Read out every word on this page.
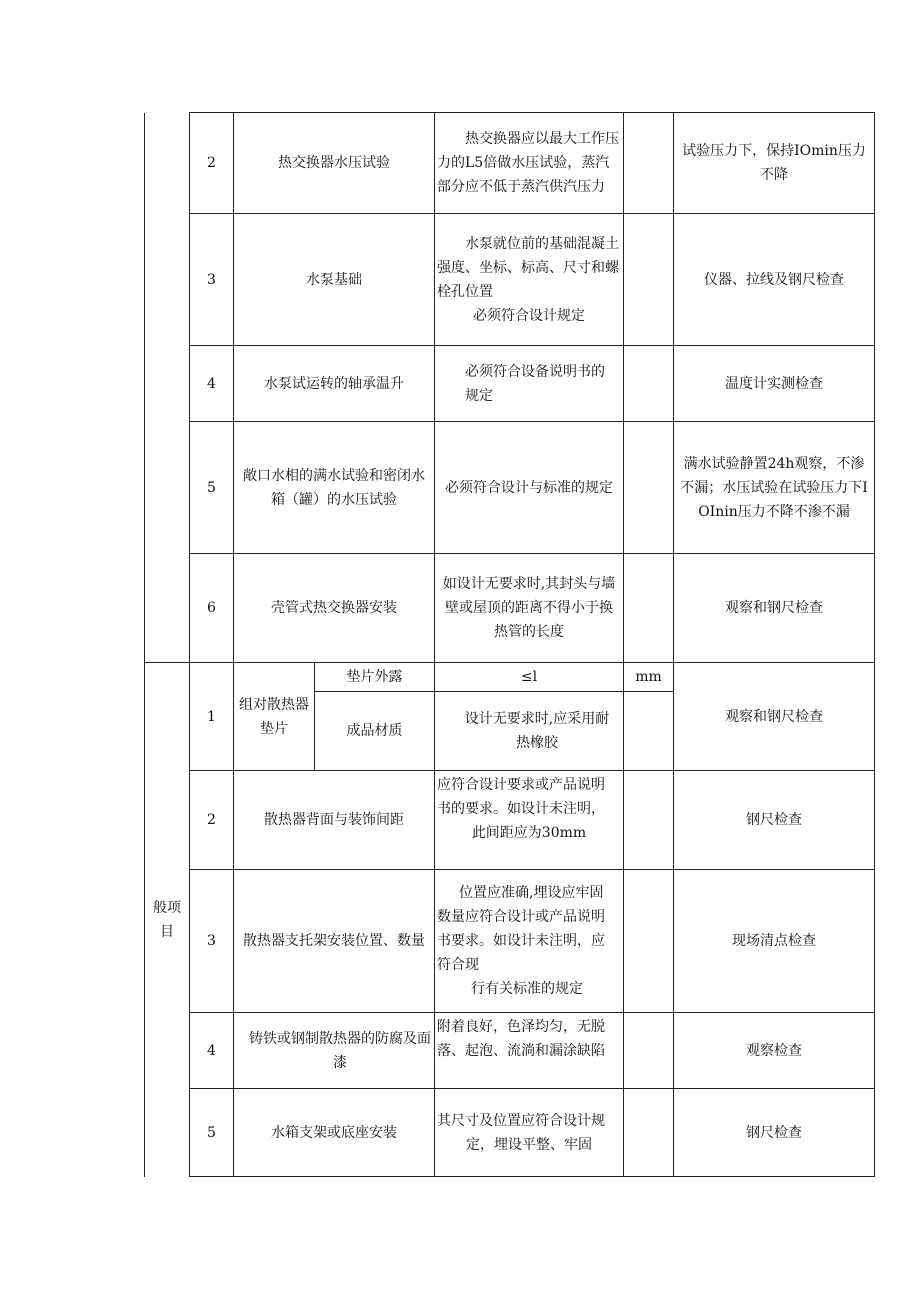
	2	热交换器水压试验		热交换器应以最大工作压力的L5倍做水压试验，蒸汽部分应不低于蒸汽供汽压力		试验压力下，保持IOmin压力不降
	3	水泵基础		水泵就位前的基础混凝土强度、坐标、标高、尺寸和螺栓孔位置

必须符合设计规定		仪器、拉线及钢尺检查
	4	水泵试运转的轴承温升		必须符合设备说明书的规定		温度计实测检查
	5	敞口水相的满水试验和密闭水箱（罐）的水压试验		必须符合设计与标准的规定		满水试验静置24h观察，不渗不漏；水压试验在试验压力下IOInin压力不降不渗不漏
	6	壳管式热交换器安装		如设计无要求时,其封头与墙壁或屋顶的距离不得小于换热管的长度		观察和钢尺检查
般项目	1	组对散热器垫片	垫片外露	≤l	mm	观察和钢尺检查
			成品材质	设计无要求时,应采用耐热橡胶		
	2	散热器背面与装饰间距		应符合设计要求或产品说明
书的要求。如设计未注明，
此间距应为30mm		钢尺检查
	3	散热器支托架安装位置、数量		位置应准确,埋设应牢固
数量应符合设计或产品说明
书要求。如设计未注明，应
符合现
行有关标准的规定		现场清点检查
	4	铸铁或钢制散热器的防腐及面漆		附着良好，色泽均匀，无脱
落、起泡、流淌和漏涂缺陷		观察检查
	5	水箱支架或底座安装		其尺寸及位置应符合设计规
定，埋设平整、牢固		钢尺检查
